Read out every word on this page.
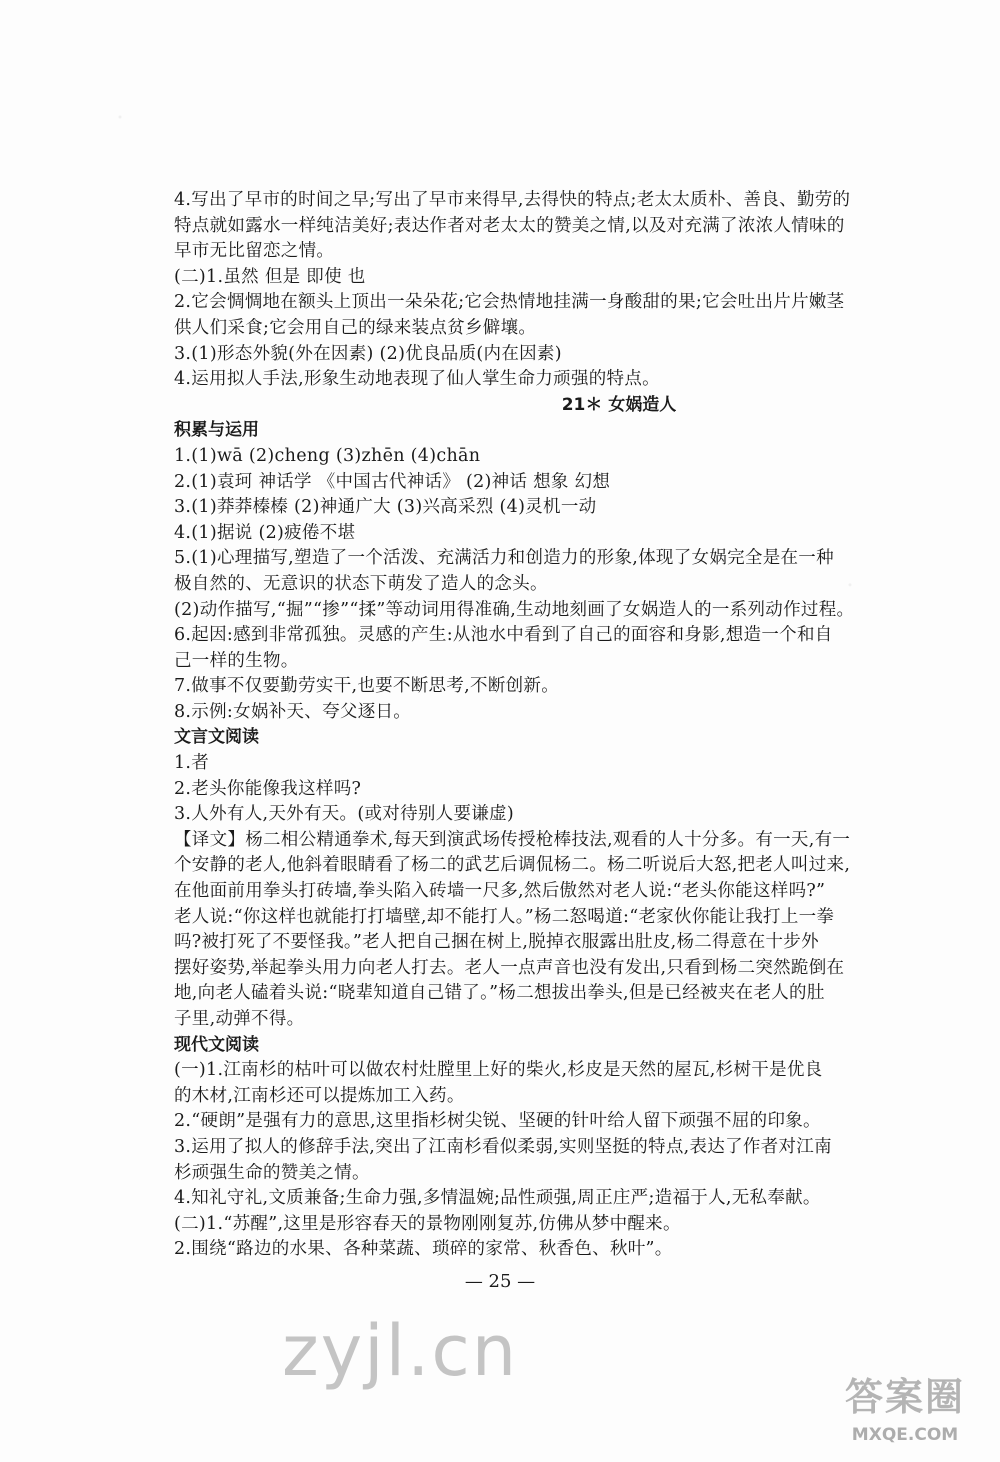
4.写出了早市的时间之早;写出了早市来得早,去得快的特点;老太太质朴、善良、勤劳的
特点就如露水一样纯洁美好;表达作者对老太太的赞美之情,以及对充满了浓浓人情味的
早市无比留恋之情。
(二)1.虽然 但是 即使 也
2.它会惆惆地在额头上顶出一朵朵花;它会热情地挂满一身酸甜的果;它会吐出片片嫩茎
供人们采食;它会用自己的绿来装点贫乡僻壤。
3.(1)形态外貌(外在因素) (2)优良品质(内在因素)
4.运用拟人手法,形象生动地表现了仙人掌生命力顽强的特点。
21＊ 女娲造人
积累与运用
1.(1)wā (2)cheng (3)zhēn (4)chān
2.(1)袁珂 神话学 《中国古代神话》 (2)神话 想象 幻想
3.(1)莽莽榛榛 (2)神通广大 (3)兴高采烈 (4)灵机一动
4.(1)据说 (2)疲倦不堪
5.(1)心理描写,塑造了一个活泼、充满活力和创造力的形象,体现了女娲完全是在一种
极自然的、无意识的状态下萌发了造人的念头。
(2)动作描写,“掘”“掺”“揉”等动词用得准确,生动地刻画了女娲造人的一系列动作过程。
6.起因:感到非常孤独。灵感的产生:从池水中看到了自己的面容和身影,想造一个和自
己一样的生物。
7.做事不仅要勤劳实干,也要不断思考,不断创新。
8.示例:女娲补天、夸父逐日。
文言文阅读
1.者
2.老头你能像我这样吗?
3.人外有人,天外有天。(或对待别人要谦虚)
【译文】杨二相公精通拳术,每天到演武场传授枪棒技法,观看的人十分多。有一天,有一
个安静的老人,他斜着眼睛看了杨二的武艺后调侃杨二。杨二听说后大怒,把老人叫过来,
在他面前用拳头打砖墙,拳头陷入砖墙一尺多,然后傲然对老人说:“老头你能这样吗?”
老人说:“你这样也就能打打墙壁,却不能打人。”杨二怒喝道:“老家伙你能让我打上一拳
吗?被打死了不要怪我。”老人把自己捆在树上,脱掉衣服露出肚皮,杨二得意在十步外
摆好姿势,举起拳头用力向老人打去。老人一点声音也没有发出,只看到杨二突然跪倒在
地,向老人磕着头说:“晓辈知道自己错了。”杨二想拔出拳头,但是已经被夹在老人的肚
子里,动弹不得。
现代文阅读
(一)1.江南杉的枯叶可以做农村灶膛里上好的柴火,杉皮是天然的屋瓦,杉树干是优良
的木材,江南杉还可以提炼加工入药。
2.“硬朗”是强有力的意思,这里指杉树尖锐、坚硬的针叶给人留下顽强不屈的印象。
3.运用了拟人的修辞手法,突出了江南杉看似柔弱,实则坚挺的特点,表达了作者对江南
杉顽强生命的赞美之情。
4.知礼守礼,文质兼备;生命力强,多情温婉;品性顽强,周正庄严;造福于人,无私奉献。
(二)1.“苏醒”,这里是形容春天的景物刚刚复苏,仿佛从梦中醒来。
2.围绕“路边的水果、各种菜蔬、琐碎的家常、秋香色、秋叶”。
— 25 —
zyjl.cn
答案圈
MXQE.COM
